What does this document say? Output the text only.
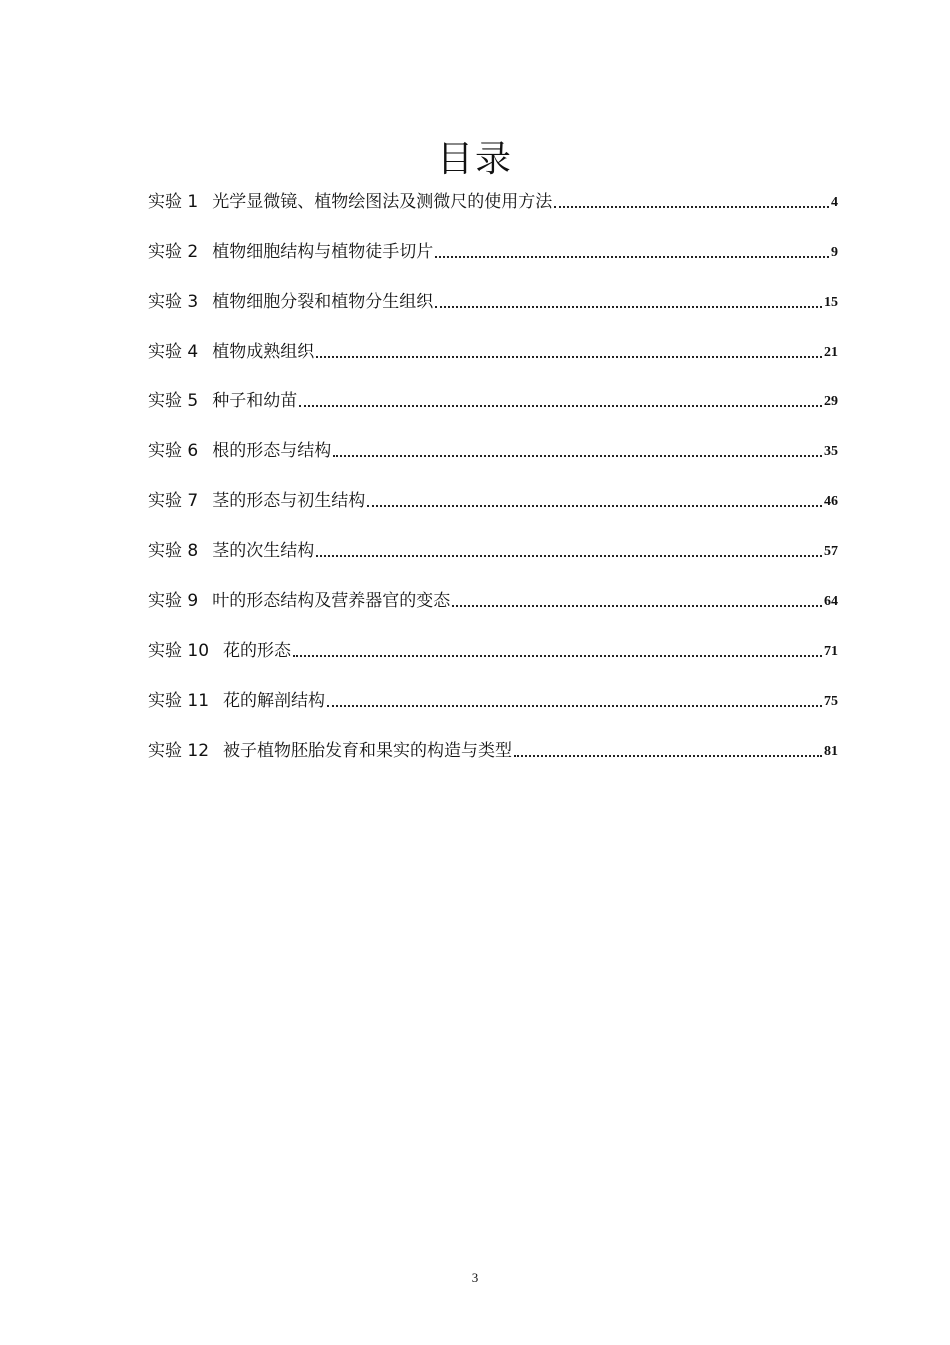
目录
实验 1 光学显微镜、植物绘图法及测微尺的使用方法	4
实验 2 植物细胞结构与植物徒手切片	9
实验 3 植物细胞分裂和植物分生组织	15
实验 4 植物成熟组织	21
实验 5 种子和幼苗	29
实验 6 根的形态与结构	35
实验 7 茎的形态与初生结构	46
实验 8 茎的次生结构	57
实验 9 叶的形态结构及营养器官的变态	64
实验 10 花的形态	71
实验 11 花的解剖结构	75
实验 12 被子植物胚胎发育和果实的构造与类型	81
3
